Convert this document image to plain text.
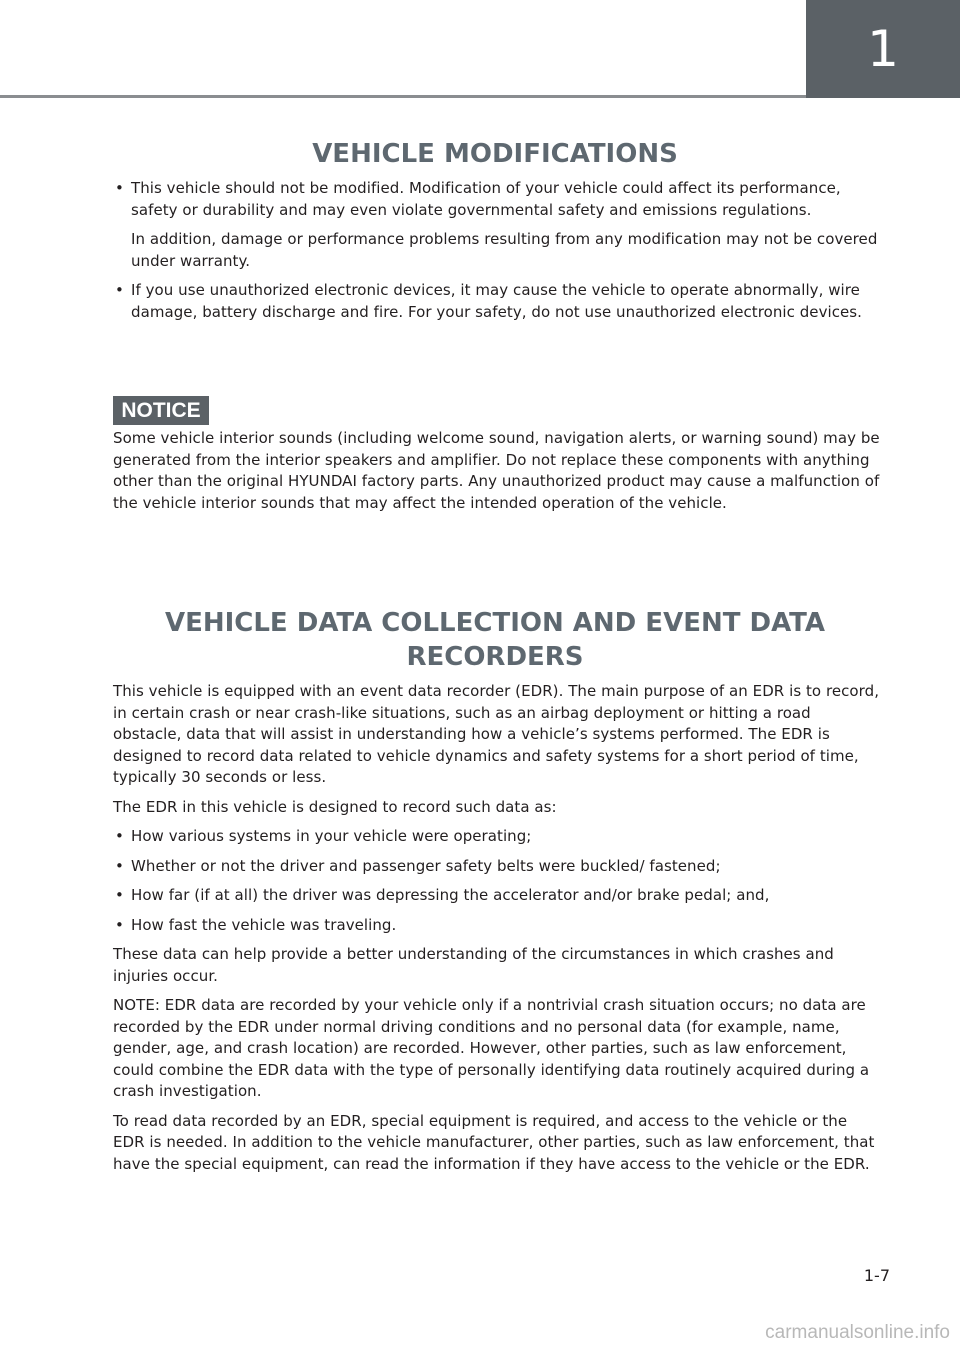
1
VEHICLE MODIFICATIONS
• This vehicle should not be modified. Modification of your vehicle could affect its performance, safety or durability and may even violate governmental safety and emissions regulations.

In addition, damage or performance problems resulting from any modification may not be covered under warranty.

• If you use unauthorized electronic devices, it may cause the vehicle to operate abnormally, wire damage, battery discharge and fire. For your safety, do not use unauthorized electronic devices.
NOTICE

Some vehicle interior sounds (including welcome sound, navigation alerts, or warning sound) may be generated from the interior speakers and amplifier. Do not replace these components with anything other than the original HYUNDAI factory parts. Any unauthorized product may cause a malfunction of the vehicle interior sounds that may affect the intended operation of the vehicle.

VEHICLE DATA COLLECTION AND EVENT DATA RECORDERS

This vehicle is equipped with an event data recorder (EDR). The main purpose of an EDR is to record, in certain crash or near crash-like situations, such as an airbag deployment or hitting a road obstacle, data that will assist in understanding how a vehicle’s systems performed. The EDR is designed to record data related to vehicle dynamics and safety systems for a short period of time, typically 30 seconds or less.

The EDR in this vehicle is designed to record such data as:

• How various systems in your vehicle were operating;
• Whether or not the driver and passenger safety belts were buckled/ fastened;
• How far (if at all) the driver was depressing the accelerator and/or brake pedal; and,
• How fast the vehicle was traveling.

These data can help provide a better understanding of the circumstances in which crashes and injuries occur.

NOTE: EDR data are recorded by your vehicle only if a nontrivial crash situation occurs; no data are recorded by the EDR under normal driving conditions and no personal data (for example, name, gender, age, and crash location) are recorded. However, other parties, such as law enforcement, could combine the EDR data with the type of personally identifying data routinely acquired during a crash investigation.

To read data recorded by an EDR, special equipment is required, and access to the vehicle or the EDR is needed. In addition to the vehicle manufacturer, other parties, such as law enforcement, that have the special equipment, can read the information if they have access to the vehicle or the EDR.

1-7
carmanualsonline.info
